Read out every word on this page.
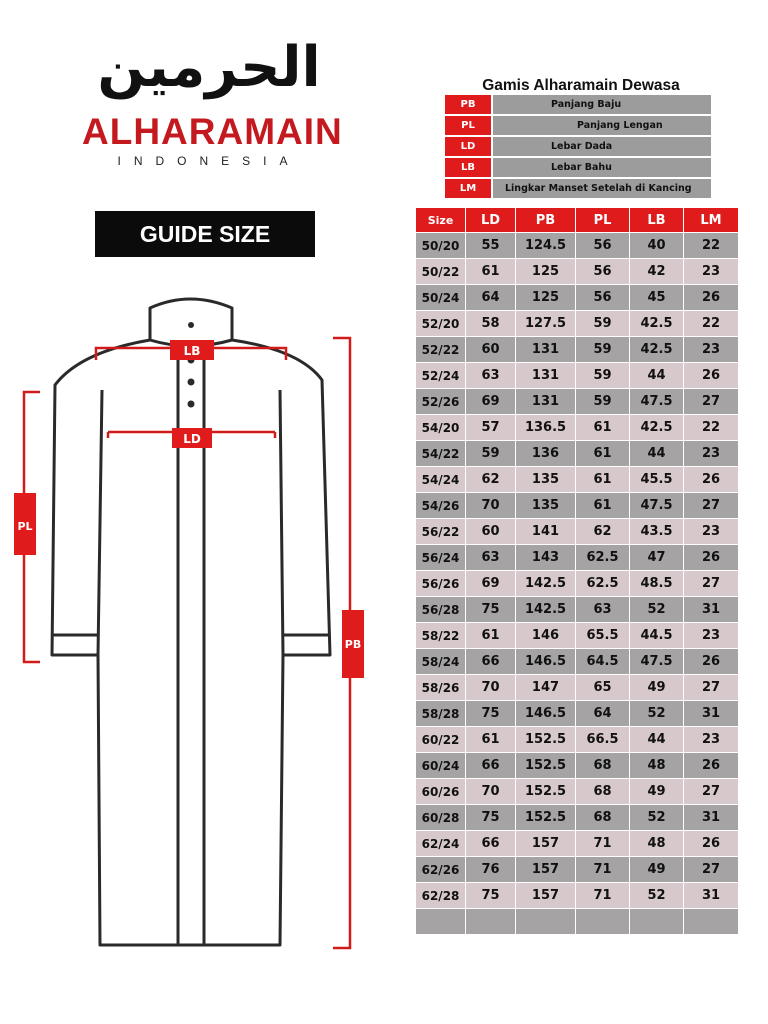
الحرمين
ALHARAMAIN
INDONESIA
GUIDE SIZE
LB
LD
PL
PB
Gamis Alharamain Dewasa
PB	Panjang Baju
PL	Panjang Lengan
LD	Lebar Dada
LB	Lebar Bahu
LM	Lingkar Manset Setelah di Kancing
Size	LD	PB	PL	LB	LM
50/20	55	124.5	56	40	22
50/22	61	125	56	42	23
50/24	64	125	56	45	26
52/20	58	127.5	59	42.5	22
52/22	60	131	59	42.5	23
52/24	63	131	59	44	26
52/26	69	131	59	47.5	27
54/20	57	136.5	61	42.5	22
54/22	59	136	61	44	23
54/24	62	135	61	45.5	26
54/26	70	135	61	47.5	27
56/22	60	141	62	43.5	23
56/24	63	143	62.5	47	26
56/26	69	142.5	62.5	48.5	27
56/28	75	142.5	63	52	31
58/22	61	146	65.5	44.5	23
58/24	66	146.5	64.5	47.5	26
58/26	70	147	65	49	27
58/28	75	146.5	64	52	31
60/22	61	152.5	66.5	44	23
60/24	66	152.5	68	48	26
60/26	70	152.5	68	49	27
60/28	75	152.5	68	52	31
62/24	66	157	71	48	26
62/26	76	157	71	49	27
62/28	75	157	71	52	31
